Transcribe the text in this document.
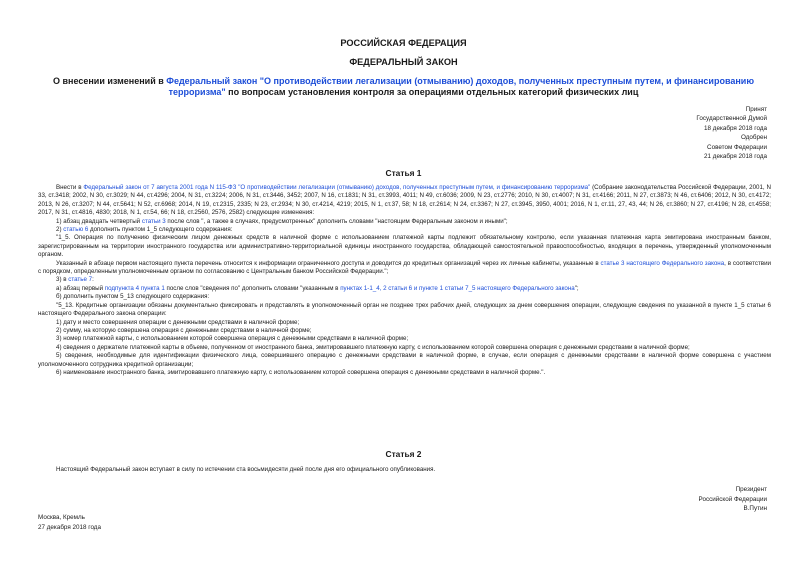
РОССИЙСКАЯ ФЕДЕРАЦИЯ
ФЕДЕРАЛЬНЫЙ ЗАКОН
О внесении изменений в Федеральный закон "О противодействии легализации (отмыванию) доходов, полученных преступным путем, и финансированию терроризма" по вопросам установления контроля за операциями отдельных категорий физических лиц
Принят
Государственной Думой
18 декабря 2018 года
Одобрен
Советом Федерации
21 декабря 2018 года
Статья 1

Внести в Федеральный закон от 7 августа 2001 года N 115-ФЗ "О противодействии легализации (отмыванию) доходов, полученных преступным путем, и финансированию терроризма" (Собрание законодательства Российской Федерации, 2001, N 33, ст.3418; 2002, N 30, ст.3029; N 44, ст.4296; 2004, N 31, ст.3224; 2006, N 31, ст.3446, 3452; 2007, N 16, ст.1831; N 31, ст.3993, 4011; N 49, ст.6036; 2009, N 23, ст.2776; 2010, N 30, ст.4007; N 31, ст.4166; 2011, N 27, ст.3873; N 46, ст.6406; 2012, N 30, ст.4172; 2013, N 26, ст.3207; N 44, ст.5641; N 52, ст.6968; 2014, N 19, ст.2315, 2335; N 23, ст.2934; N 30, ст.4214, 4219; 2015, N 1, ст.37, 58; N 18, ст.2614; N 24, ст.3367; N 27, ст.3945, 3950, 4001; 2016, N 1, ст.11, 27, 43, 44; N 26, ст.3860; N 27, ст.4196; N 28, ст.4558; 2017, N 31, ст.4816, 4830; 2018, N 1, ст.54, 66; N 18, ст.2560, 2576, 2582) следующие изменения:

1) абзац двадцать четвертый статьи 3 после слов ", а также в случаях, предусмотренных" дополнить словами "настоящим Федеральным законом и иными";

2) статью 6 дополнить пунктом 1_5 следующего содержания:

"1_5. Операция по получению физическим лицом денежных средств в наличной форме с использованием платежной карты подлежит обязательному контролю, если указанная платежная карта эмитирована иностранным банком, зарегистрированным на территории иностранного государства или административно-территориальной единицы иностранного государства, обладающей самостоятельной правоспособностью, входящих в перечень, утвержденный уполномоченным органом.

Указанный в абзаце первом настоящего пункта перечень относится к информации ограниченного доступа и доводится до кредитных организаций через их личные кабинеты, указанные в статье 3 настоящего Федерального закона, в соответствии с порядком, определенным уполномоченным органом по согласованию с Центральным банком Российской Федерации.";

3) в статье 7:

а) абзац первый подпункта 4 пункта 1 после слов "сведения по" дополнить словами "указанным в пунктах 1-1_4, 2 статьи 6 и пункте 1 статьи 7_5 настоящего Федерального закона";

б) дополнить пунктом 5_13 следующего содержания:

"5_13. Кредитные организации обязаны документально фиксировать и представлять в уполномоченный орган не позднее трех рабочих дней, следующих за днем совершения операции, следующие сведения по указанной в пункте 1_5 статьи 6 настоящего Федерального закона операции:

1) дату и место совершения операции с денежными средствами в наличной форме;

2) сумму, на которую совершена операция с денежными средствами в наличной форме;

3) номер платежной карты, с использованием которой совершена операция с денежными средствами в наличной форме;

4) сведения о держателе платежной карты в объеме, полученном от иностранного банка, эмитировавшего платежную карту, с использованием которой совершена операция с денежными средствами в наличной форме;

5) сведения, необходимые для идентификации физического лица, совершившего операцию с денежными средствами в наличной форме, в случае, если операция с денежными средствами в наличной форме совершена с участием уполномоченного сотрудника кредитной организации;

6) наименование иностранного банка, эмитировавшего платежную карту, с использованием которой совершена операция с денежными средствами в наличной форме.".

Статья 2

Настоящий Федеральный закон вступает в силу по истечении ста восьмидесяти дней после дня его официального опубликования.

Президент
Российской Федерации
В.Путин
Москва, Кремль
27 декабря 2018 года
